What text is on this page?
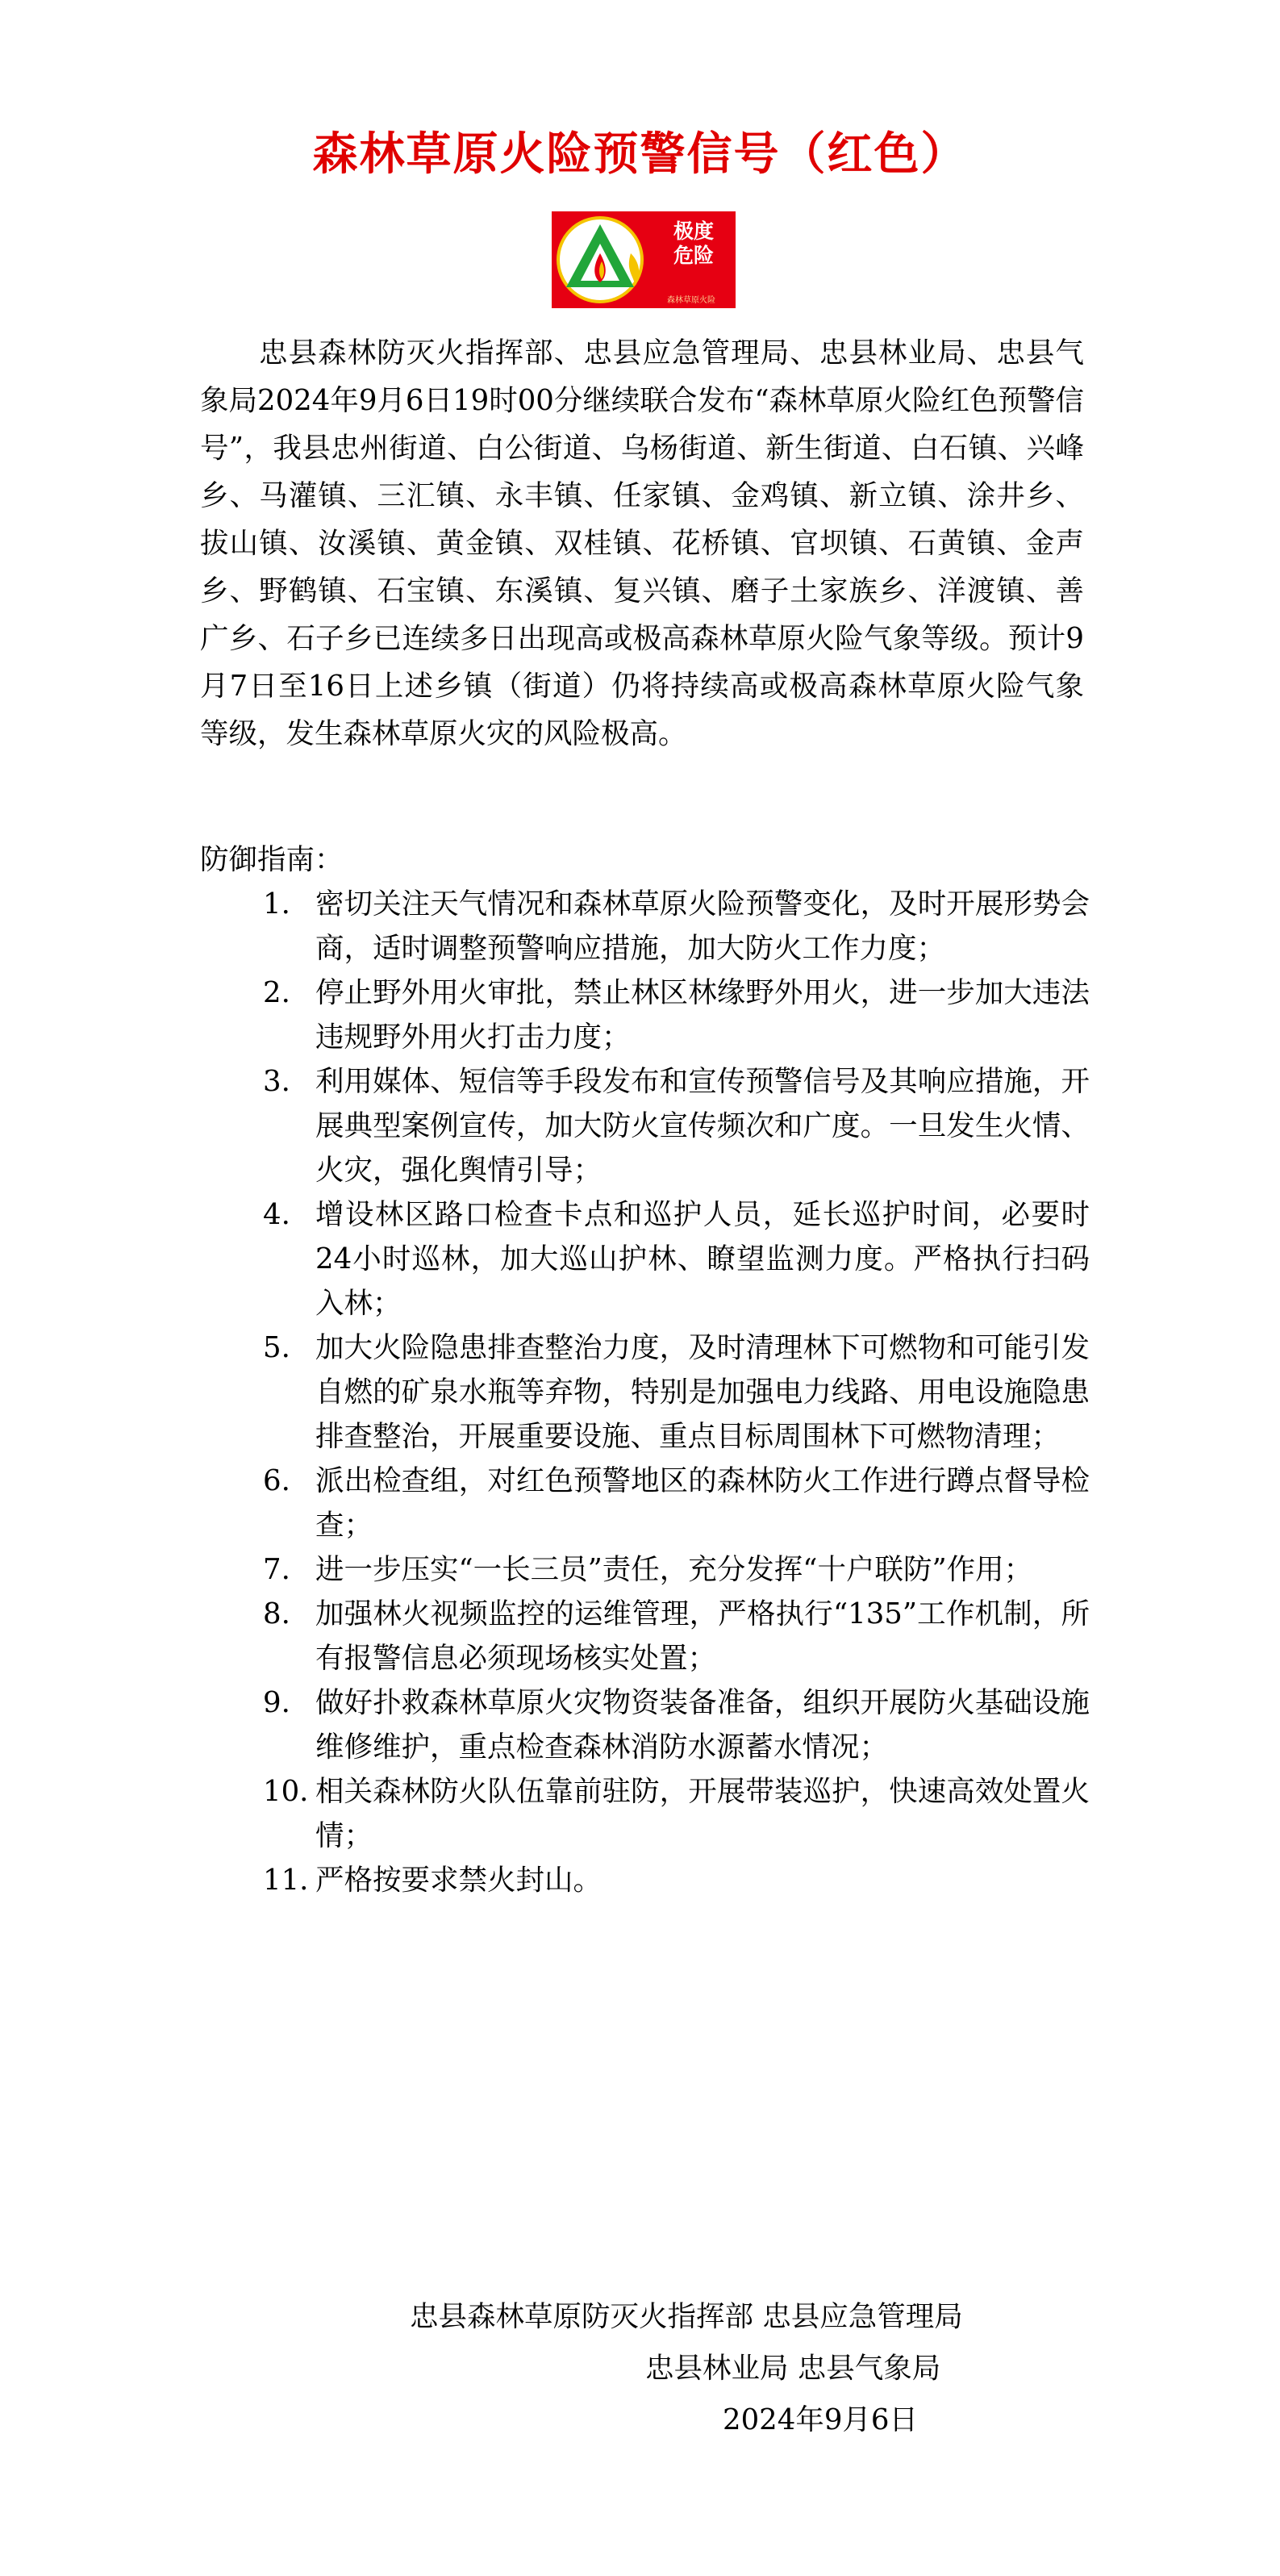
森林草原火险预警信号（红色）
极度
危险
森林草原火险

忠县森林防灭火指挥部、忠县应急管理局、忠县林业局、忠县气象局2024年9月6日19时00分继续联合发布“森林草原火险红色预警信号”，我县忠州街道、白公街道、乌杨街道、新生街道、白石镇、兴峰乡、马灌镇、三汇镇、永丰镇、任家镇、金鸡镇、新立镇、涂井乡、拔山镇、汝溪镇、黄金镇、双桂镇、花桥镇、官坝镇、石黄镇、金声乡、野鹤镇、石宝镇、东溪镇、复兴镇、磨子土家族乡、洋渡镇、善广乡、石子乡已连续多日出现高或极高森林草原火险气象等级。预计9月7日至16日上述乡镇（街道）仍将持续高或极高森林草原火险气象等级，发生森林草原火灾的风险极高。

防御指南：
1. 密切关注天气情况和森林草原火险预警变化，及时开展形势会商，适时调整预警响应措施，加大防火工作力度；
2. 停止野外用火审批，禁止林区林缘野外用火，进一步加大违法违规野外用火打击力度；
3. 利用媒体、短信等手段发布和宣传预警信号及其响应措施，开展典型案例宣传，加大防火宣传频次和广度。一旦发生火情、火灾，强化舆情引导；
4. 增设林区路口检查卡点和巡护人员，延长巡护时间，必要时24小时巡林，加大巡山护林、瞭望监测力度。严格执行扫码入林；
5. 加大火险隐患排查整治力度，及时清理林下可燃物和可能引发自燃的矿泉水瓶等弃物，特别是加强电力线路、用电设施隐患排查整治，开展重要设施、重点目标周围林下可燃物清理；
6. 派出检查组，对红色预警地区的森林防火工作进行蹲点督导检查；
7. 进一步压实“一长三员”责任，充分发挥“十户联防”作用；
8. 加强林火视频监控的运维管理，严格执行“135”工作机制，所有报警信息必须现场核实处置；
9. 做好扑救森林草原火灾物资装备准备，组织开展防火基础设施维修维护，重点检查森林消防水源蓄水情况；
10. 相关森林防火队伍靠前驻防，开展带装巡护，快速高效处置火情；
11. 严格按要求禁火封山。
忠县森林草原防灭火指挥部 忠县应急管理局
忠县林业局 忠县气象局
2024年9月6日
